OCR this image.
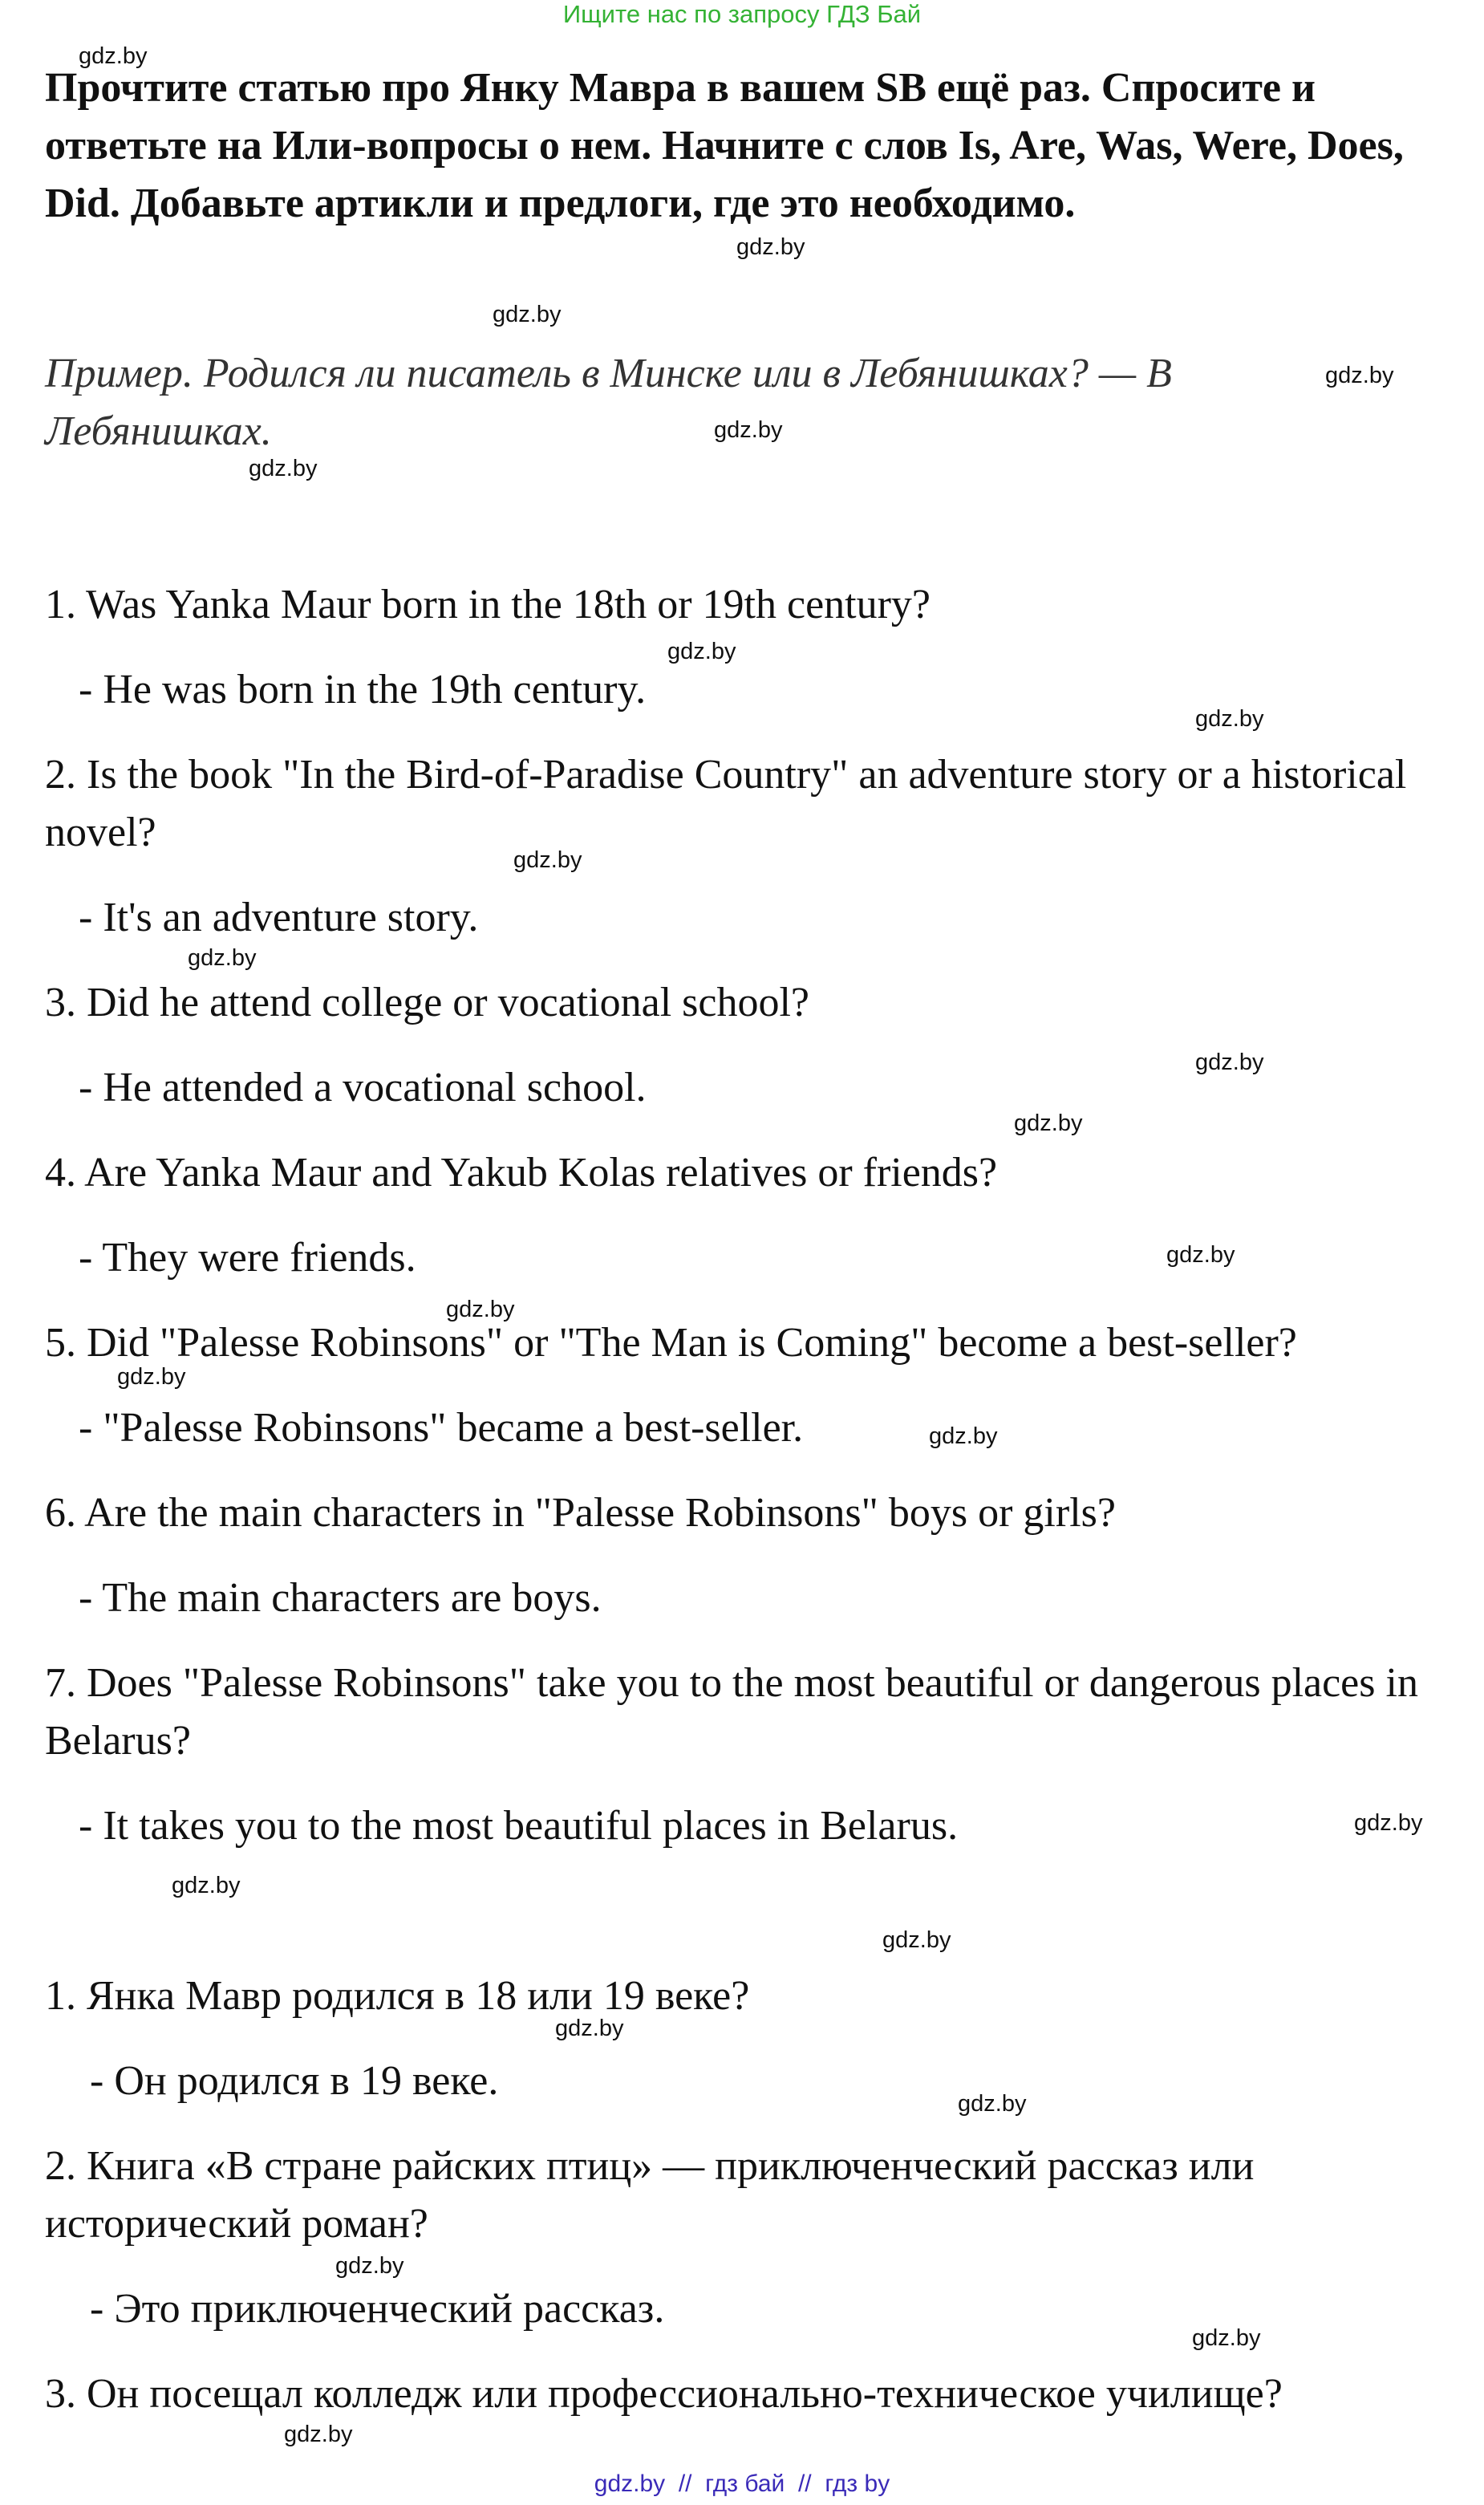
Ищите нас по запросу ГДЗ Бай

Прочтите статью про Янку Мавра в вашем SB ещё раз. Спросите и ответьте на Или-вопросы о нем. Начните с слов Is, Are, Was, Were, Does, Did. Добавьте артикли и предлоги, где это необходимо.

Пример. Родился ли писатель в Минске или в Лебянишках? — В Лебянишках.

1. Was Yanka Maur born in the 18th or 19th century?

- He was born in the 19th century.

2. Is the book "In the Bird-of-Paradise Country" an adventure story or a historical novel?

- It's an adventure story.

3. Did he attend college or vocational school?

- He attended a vocational school.

4. Are Yanka Maur and Yakub Kolas relatives or friends?

- They were friends.

5. Did "Palesse Robinsons" or "The Man is Coming" become a best-seller?

- "Palesse Robinsons" became a best-seller.

6. Are the main characters in "Palesse Robinsons" boys or girls?

- The main characters are boys.

7. Does "Palesse Robinsons" take you to the most beautiful or dangerous places in Belarus?

- It takes you to the most beautiful places in Belarus.

1. Янка Мавр родился в 18 или 19 веке?

- Он родился в 19 веке.

2. Книга «В стране райских птиц» — приключенческий рассказ или исторический роман?

- Это приключенческий рассказ.

3. Он посещал колледж или профессионально-техническое училище?

gdz.by
gdz.by
gdz.by
gdz.by
gdz.by
gdz.by
gdz.by
gdz.by
gdz.by
gdz.by
gdz.by
gdz.by
gdz.by
gdz.by
gdz.by
gdz.by
gdz.by
gdz.by
gdz.by
gdz.by
gdz.by
gdz.by
gdz.by
gdz.by
gdz.by  //  гдз бай  //  гдз by
